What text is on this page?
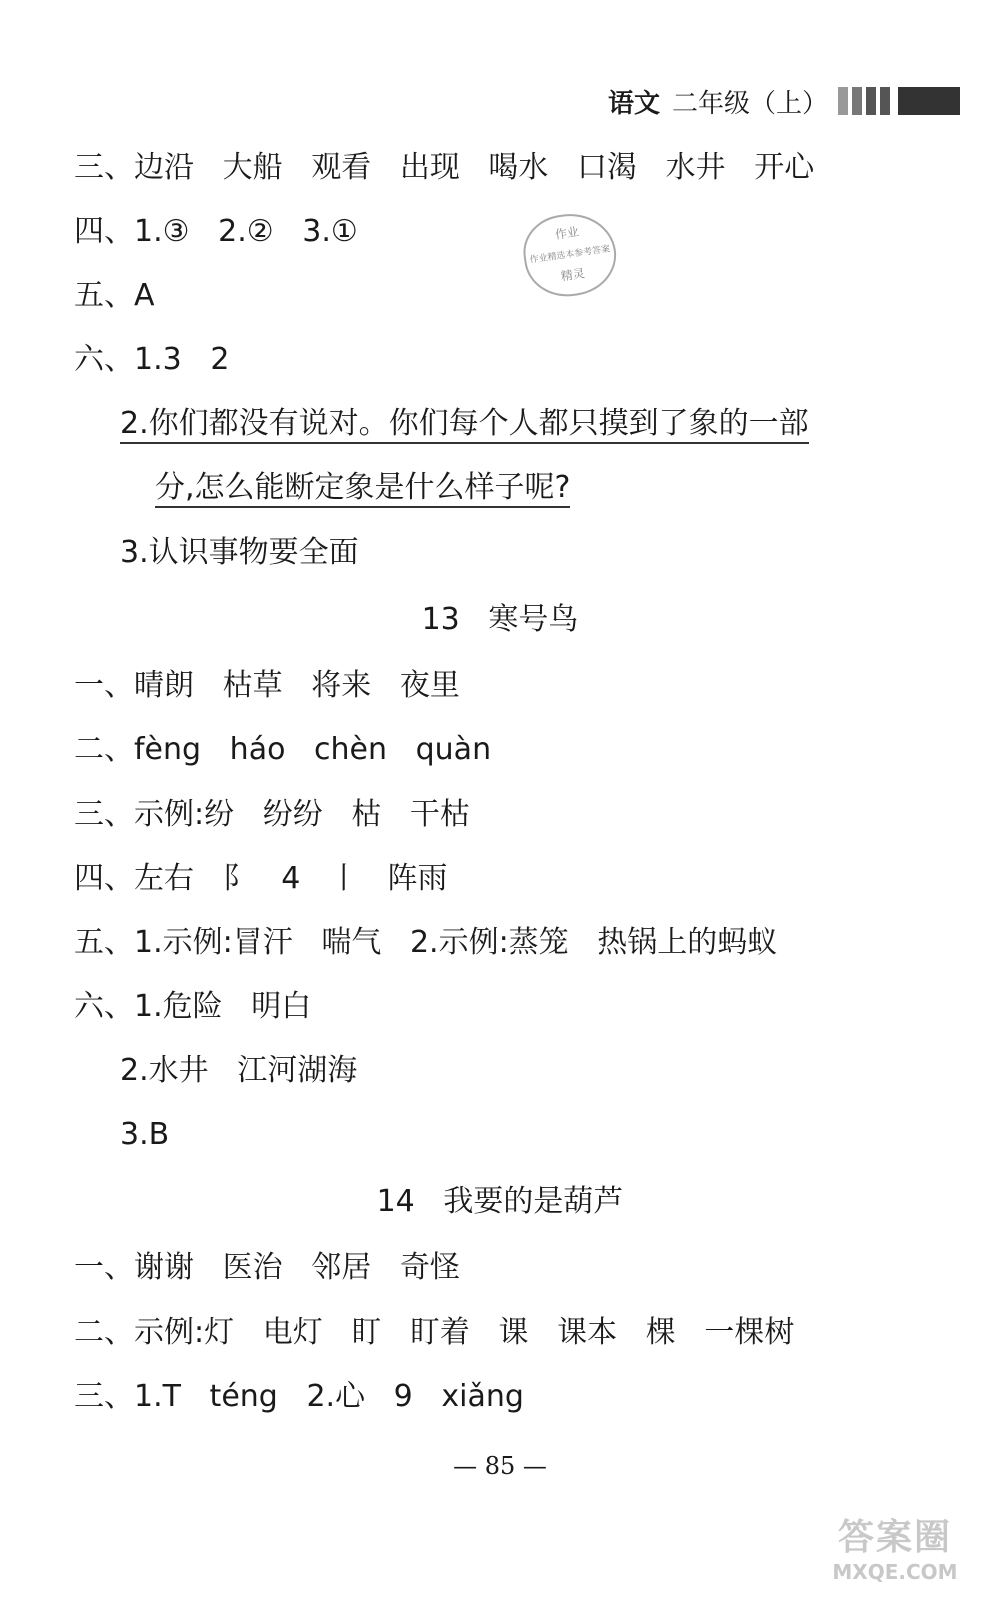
语文 二年级（上）
作业
作业精选本参考答案
精灵
三、边沿   大船   观看   出现   喝水   口渴   水井   开心
四、1.③   2.②   3.①
五、A
六、1.3   2
2.你们都没有说对。你们每个人都只摸到了象的一部
分,怎么能断定象是什么样子呢?
3.认识事物要全面
13   寒号鸟
一、晴朗   枯草   将来   夜里
二、fèng   háo   chèn   quàn
三、示例:纷   纷纷   枯   干枯
四、左右   阝   4   丨   阵雨
五、1.示例:冒汗   喘气   2.示例:蒸笼   热锅上的蚂蚁
六、1.危险   明白
2.水井   江河湖海
3.B
14   我要的是葫芦
一、谢谢   医治   邻居   奇怪
二、示例:灯   电灯   盯   盯着   课   课本   棵   一棵树
三、1.T   téng   2.心   9   xiǎng
— 85 —
答案圈
MXQE.COM
